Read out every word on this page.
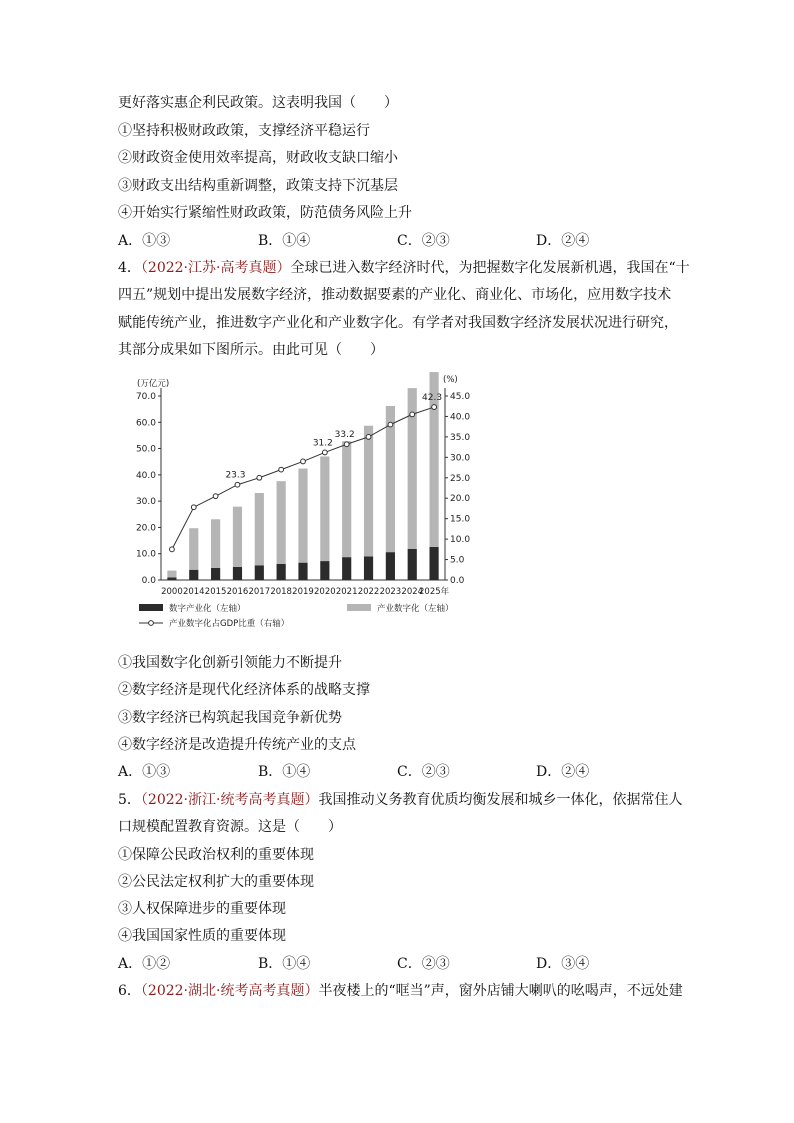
更好落实惠企利民政策。这表明我国（　　）
①坚持积极财政政策，支撑经济平稳运行
②财政资金使用效率提高，财政收支缺口缩小
③财政支出结构重新调整，政策支持下沉基层
④开始实行紧缩性财政政策，防范债务风险上升
A．①③	B．①④	C．②③	D．②④
4．（2022·江苏·高考真题）全球已进入数字经济时代，为把握数字化发展新机遇，我国在“十
四五”规划中提出发展数字经济，推动数据要素的产业化、商业化、市场化，应用数字技术
赋能传统产业，推进数字产业化和产业数字化。有学者对我国数字经济发展状况进行研究，
其部分成果如下图所示。由此可见（　　）
(万亿元)	(%)
0.0
10.0
20.0
30.0
40.0
50.0
60.0
70.0
0.0
5.0
10.0
15.0
20.0
25.0
30.0
35.0
40.0
45.0
2000 2014 2015 2016 2017 2018 2019 2020 2021 2022 2023 2024
2025年
23.3
31.2
33.2
42.3
数字产业化（左轴）	产业数字化（左轴）
产业数字化占GDP比重（右轴）
①我国数字化创新引领能力不断提升
②数字经济是现代化经济体系的战略支撑
③数字经济已构筑起我国竞争新优势
④数字经济是改造提升传统产业的支点
A．①③	B．①④	C．②③	D．②④
5．（2022·浙江·统考高考真题）我国推动义务教育优质均衡发展和城乡一体化，依据常住人
口规模配置教育资源。这是（　　）
①保障公民政治权利的重要体现
②公民法定权利扩大的重要体现
③人权保障进步的重要体现
④我国国家性质的重要体现
A．①②	B．①④	C．②③	D．③④
6．（2022·湖北·统考高考真题）半夜楼上的“哐当”声，窗外店铺大喇叭的吆喝声，不远处建
